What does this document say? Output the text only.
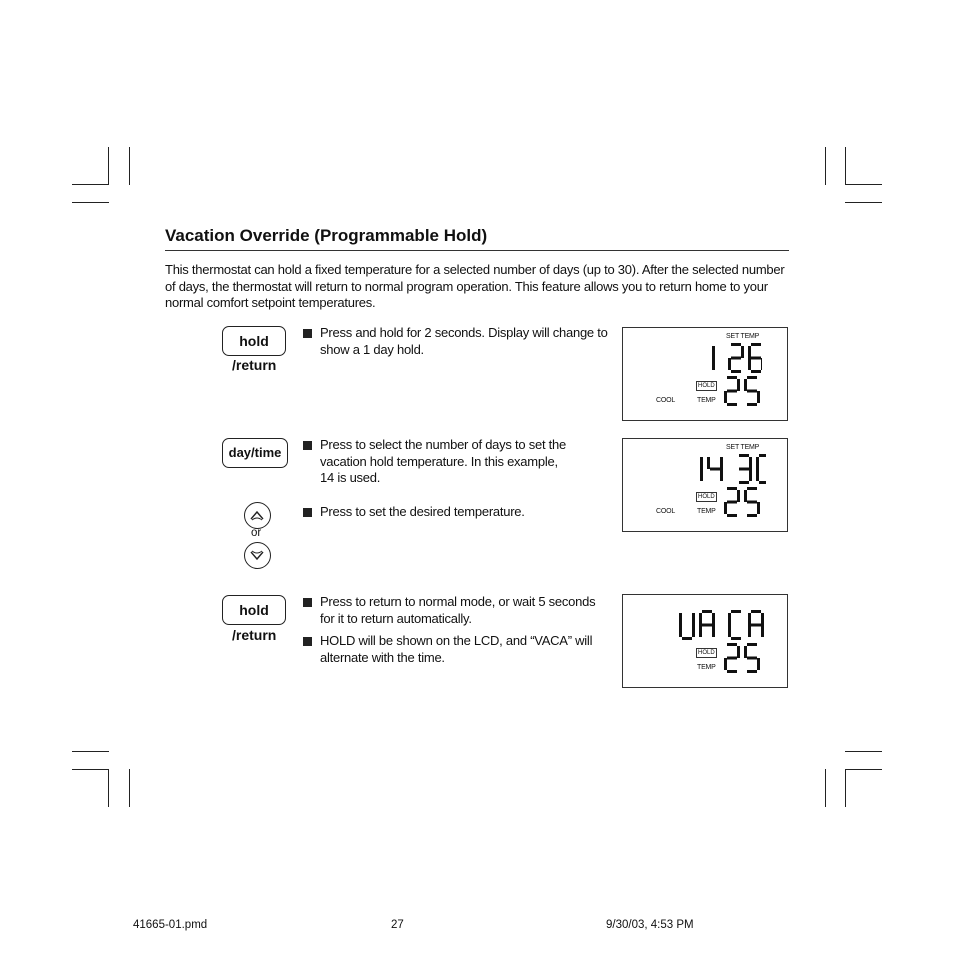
Vacation Override (Programmable Hold)
This thermostat can hold a fixed temperature for a selected number of days (up to 30). After the selected number of days, the thermostat will return to normal program operation. This feature allows you to return home to your normal comfort setpoint temperatures.
hold
/return
Press and hold for 2 seconds. Display will change to show a 1 day hold.
SET TEMP
HOLD
COOL	TEMP
day/time
Press to select the number of days to set the vacation hold temperature. In this example, 14 is used.
or
Press to set the desired temperature.
SET TEMP
HOLD
COOL	TEMP
hold
/return
Press to return to normal mode, or wait 5 seconds for it to return automatically.
HOLD will be shown on the LCD, and “VACA” will alternate with the time.	HOLD
TEMP
41665-01.pmd	27	9/30/03, 4:53 PM
